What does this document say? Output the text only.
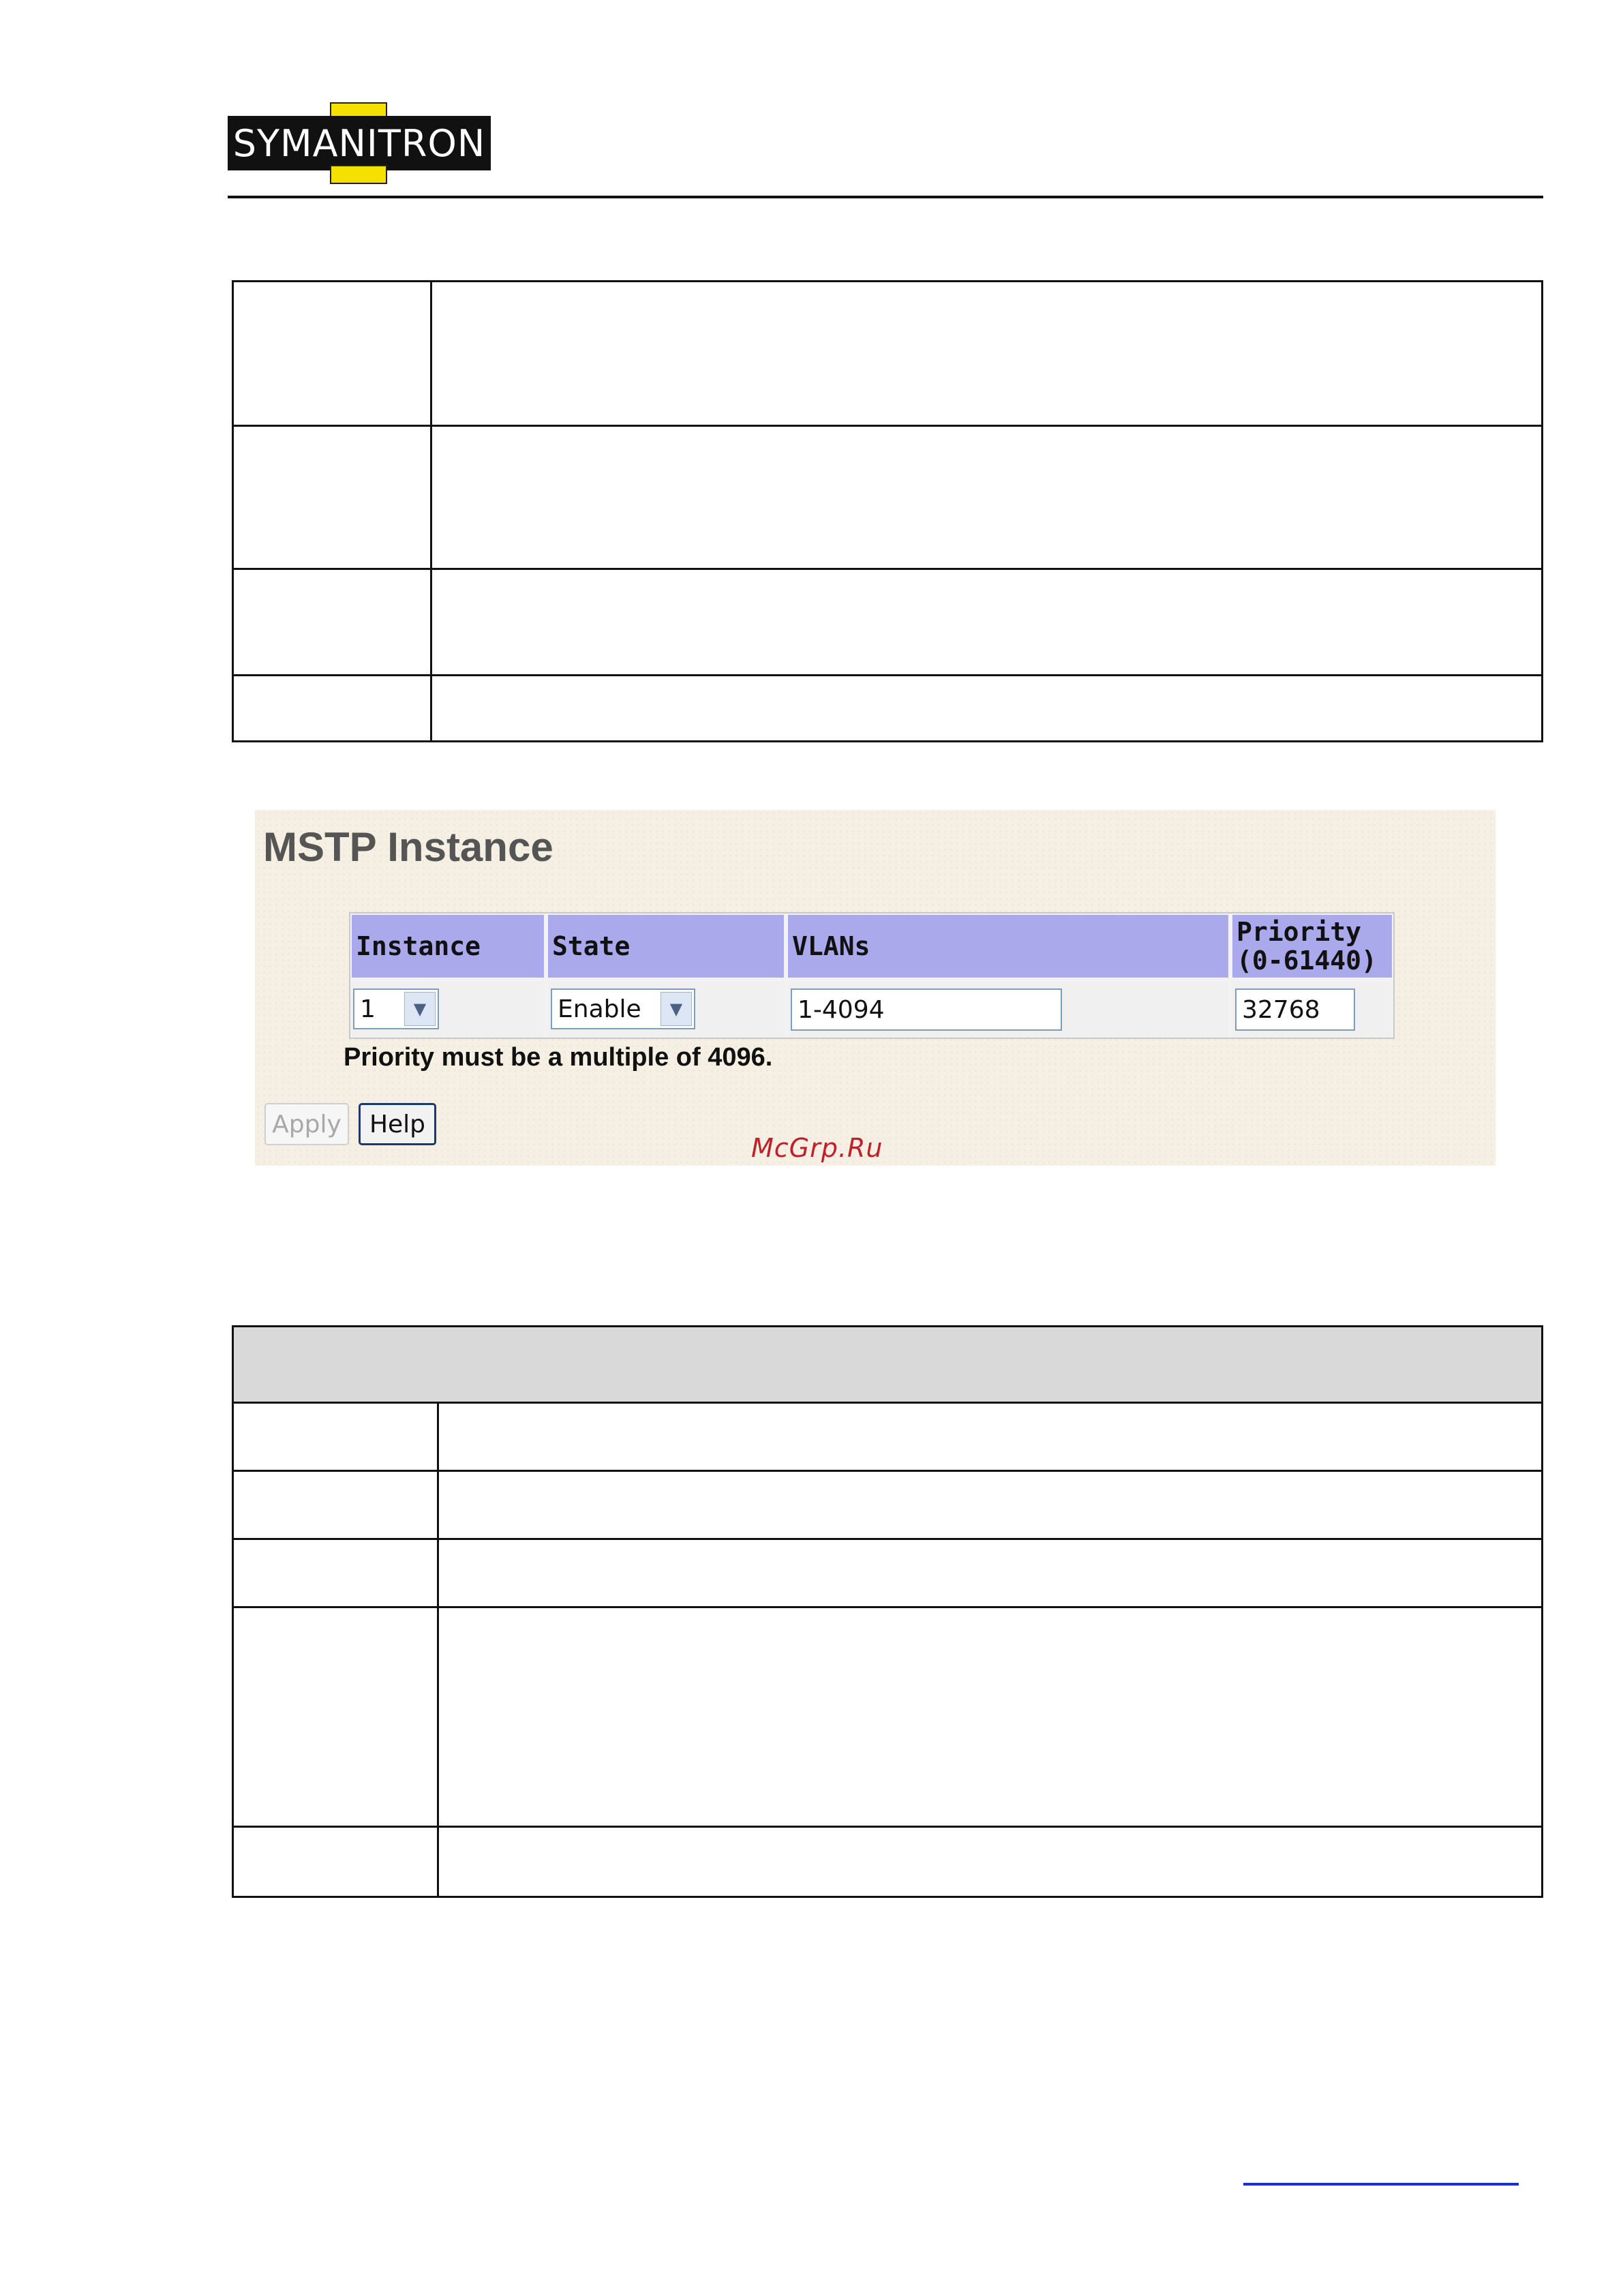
SYMANITRON
MSTP Instance
Instance	State	VLANs	Priority
(0-61440)
1	▼	Enable	▼	1-4094	32768
Priority must be a multiple of 4096.
Apply	Help
McGrp.Ru
